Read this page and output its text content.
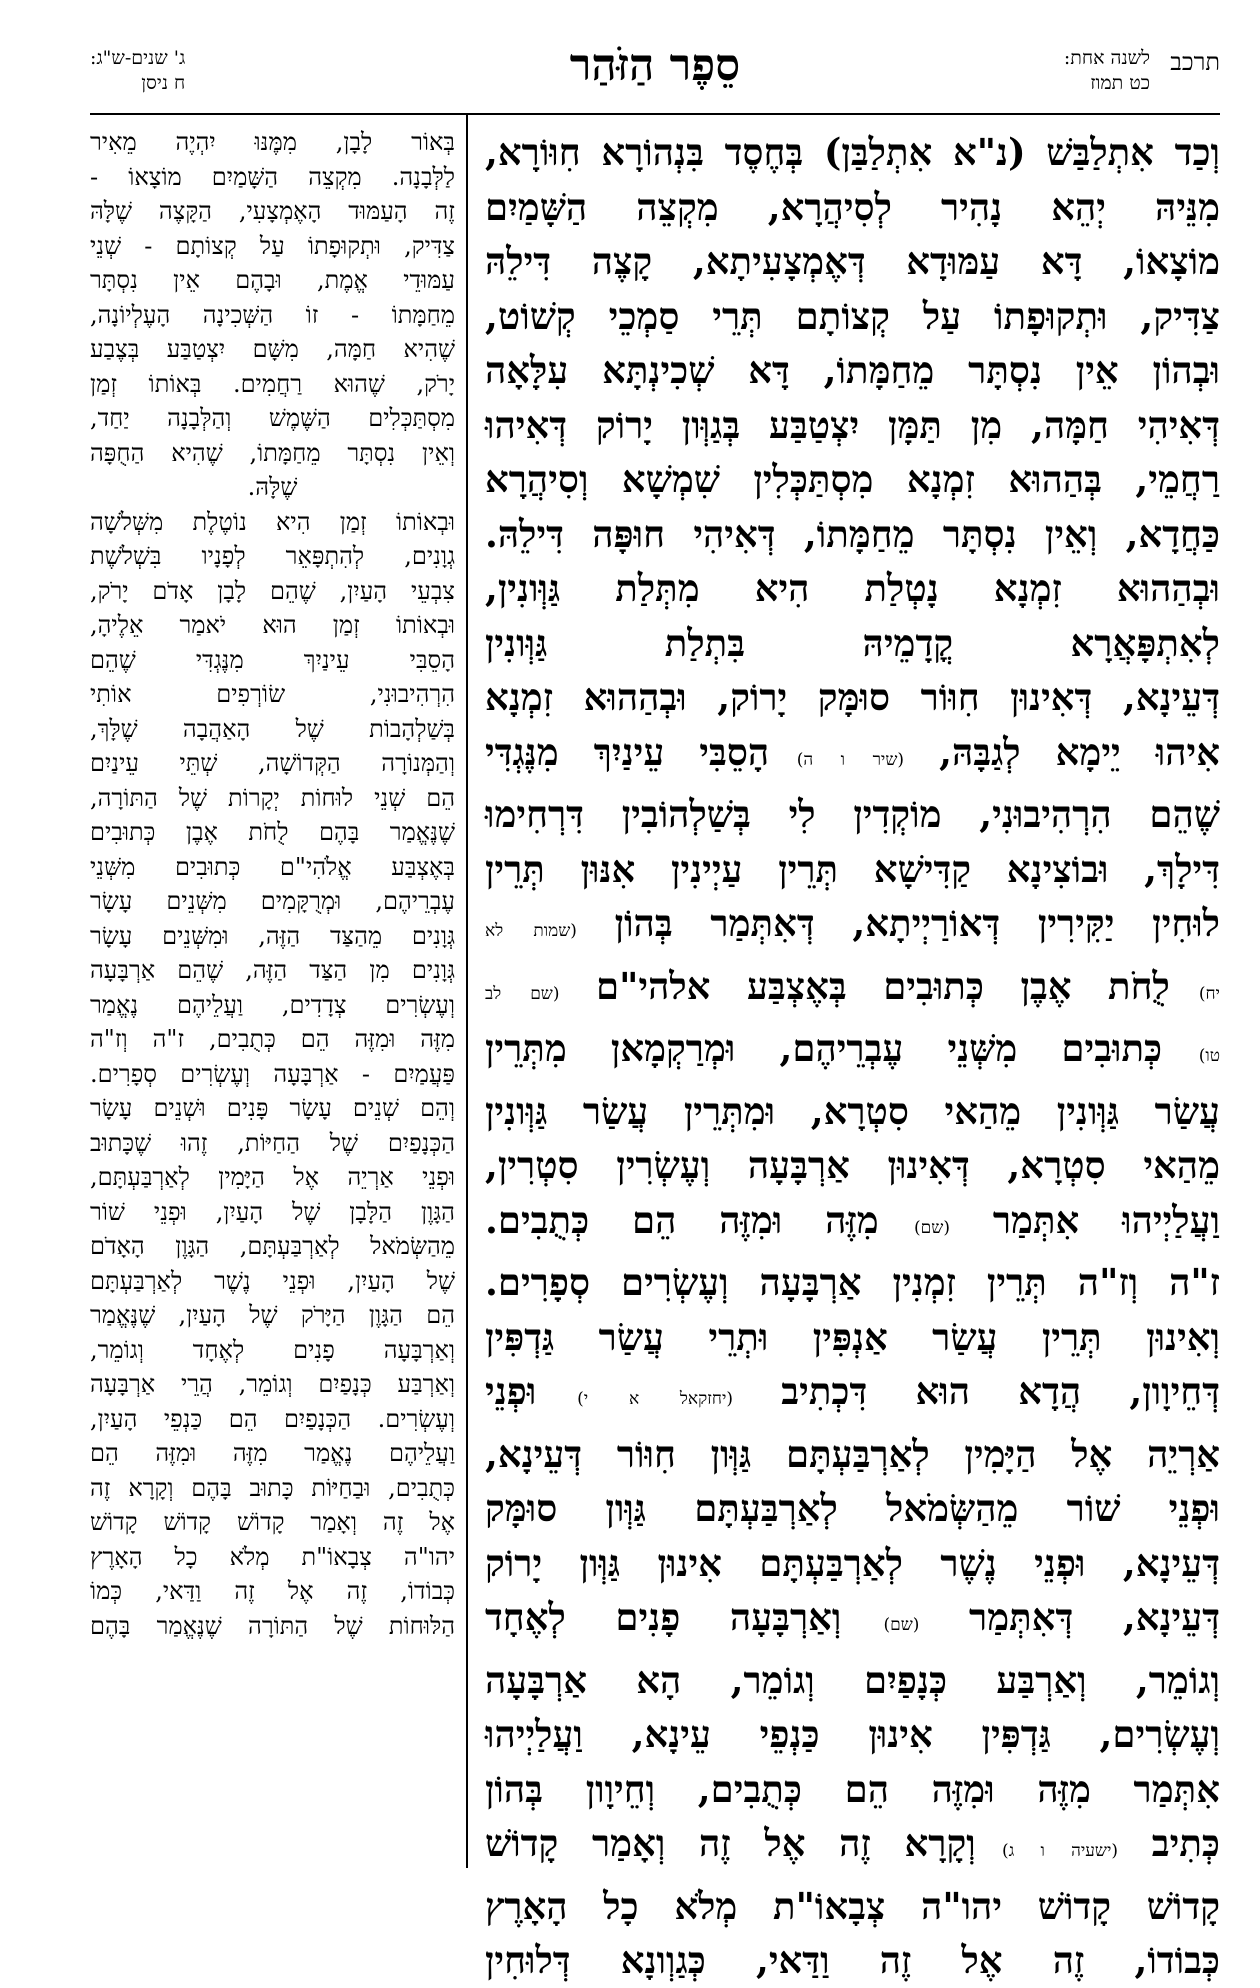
תרכב
לשנה אחת:
כט תמוז
סֵפֶר הַזֹּהַר
ג' שנים-ש"ג:
ח ניסן
וְכַד אִתְלַבַּשׁ (נ"א אִתְלַבַּן) בְּחֶסֶד בִּנְהוֹרָא חִוּוֹרָא,
מִנֵּיהּ יְהֵא נָהִיר לְסִיהֲרָא, מִקְצֵה הַשָּׁמַיִם
מוֹצָאוֹ, דָּא עַמּוּדָא דְּאֶמְצָעִיתָא, קָצֶה דִּילֵהּ
צַדִּיק, וּתְקוּפָתוֹ עַל קְצוֹתָם תְּרֵי סַמְכֵי קְשׁוֹט,
וּבְהוֹן אֵין נִסְתָּר מֵחַמָּתוֹ, דָּא שְׁכִינְתָּא עִלָּאָה
דְּאִיהִי חַמָּה, מִן תַּמָּן יִצְטַבַּע בְּגַוְּון יָרוֹק דְּאִיהוּ
רַחֲמֵי, בְּהַהוּא זִמְנָא מִסְתַּכְּלִין שִׁמְשָׁא וְסִיהֲרָא
כַּחֲדָא, וְאֵין נִסְתָּר מֵחַמָּתוֹ, דְּאִיהִי חוּפָּה דִּילֵהּ.
וּבְהַהוּא זִמְנָא נָטְלַת הִיא מִתְּלַת גַּוְּונִין,
לְאִתְפָּאֲרָא קֳדָמֵיהּ בִּתְלַת גַּוְּונִין
דְּעֵינָא, דְּאִינוּן חִוּוֹר סוּמָּק יָרוֹק, וּבְהַהוּא זִמְנָא
אִיהוּ יֵימָא לְגַבָּהּ, (שיר ו ה) הָסֵבִּי עֵינַיִךְ מִנֶּגְדִּי
שֶׁהֵם הִרְהִיבוּנִי, מוֹקְדִין לִי בְּשַׁלְהוֹבִין דִּרְחִימוּ
דִּילָךְ, וּבוֹצִינָא קַדִּישָׁא תְּרֵין עַיְינִין אִנּוּן תְּרֵין
לוּחִין יַקִּירִין דְּאוֹרַיְיתָא, דְּאִתְּמַר בְּהוֹן (שמות לא
יח) לֻחֹת אֶבֶן כְּתוּבִים בְּאֶצְבַּע אלהי"ם (שם לב
טו) כְּתוּבִים מִשְּׁנֵי עֶבְרֵיהֶם, וּמְרַקְמָאן מִתְּרֵין
עֲשַׂר גַּוְּונִין מֵהַאי סִטְרָא, וּמִתְּרֵין עֲשַׂר גַּוְּונִין
מֵהַאי סִטְרָא, דְּאִינוּן אַרְבָּעָה וְעֶשְׂרִין סִטְרִין,
וַעֲלַיְיהוּ אִתְּמַר (שם) מִזֶּה וּמִזֶּה הֵם כְּתֻבִים.
ז"ה וְז"ה תְּרֵין זִמְנִין אַרְבָּעָה וְעֶשְׂרִים סְפָרִים.
וְאִינוּן תְּרֵין עֲשַׂר אַנְפִּין וּתְרֵי עֲשַׂר גַּדְפִּין
דְּחֵיוָון, הֲדָא הוּא דִּכְתִיב (יחזקאל א י) וּפְנֵי
אַרְיֵה אֶל הַיָּמִין לְאַרְבַּעְתָּם גַּוְּון חִוּוֹר דְּעֵינָא,
וּפְנֵי שׁוֹר מֵהַשְּׂמֹאל לְאַרְבַּעְתָּם גַּוְּון סוּמָּק
דְּעֵינָא, וּפְנֵי נֶשֶׁר לְאַרְבַּעְתָּם אִינוּן גַּוְּון יָרוֹק
דְּעֵינָא, דְּאִתְּמַר (שם) וְאַרְבָּעָה פָנִים לְאֶחָד
וְגוֹמֵר, וְאַרְבַּע כְּנָפַיִם וְגוֹמֵר, הָא אַרְבָּעָה
וְעֶשְׂרִים, גַּדְפִּין אִינוּן כַּנְפֵי עֵינָא, וַעֲלַיְיהוּ
אִתְּמַר מִזֶּה וּמִזֶּה הֵם כְּתֻבִים, וְחֵיוָון בְּהוֹן
כְּתִיב (ישעיה ו ג) וְקָרָא זֶה אֶל זֶה וְאָמַר קָדוֹשׁ
קָדוֹשׁ קָדוֹשׁ יהו"ה צְבָאוֹ"ת מְלֹא כָל הָאָרֶץ
כְּבוֹדוֹ, זֶה אֶל זֶה וַדַּאי, כְּגַוְונָא דְּלוּחִין
בְּאוֹר לָבָן, מִמֶּנּוּ יִהְיֶה מֵאִיר
לַלְּבָנָה. מִקְצֵה הַשָּׁמַיִם מוֹצָאוֹ -
זֶה הָעַמּוּד הָאֶמְצָעִי, הַקָּצֶה שֶׁלָּהּ
צַדִּיק, וּתְקוּפָתוֹ עַל קְצוֹתָם - שְׁנֵי
עַמּוּדֵי אֱמֶת, וּבָהֶם אֵין נִסְתָּר
מֵחַמָּתוֹ - זוֹ הַשְּׁכִינָה הָעֶלְיוֹנָה,
שֶׁהִיא חַמָּה, מִשָּׁם יִצְטַבַּע בְּצֶבַע
יָרֹק, שֶׁהוּא רַחֲמִים. בְּאוֹתוֹ זְמַן
מִסְתַּכְּלִים הַשֶּׁמֶשׁ וְהַלְּבָנָה יַחַד,
וְאֵין נִסְתָּר מֵחַמָּתוֹ, שֶׁהִיא הַחֻפָּה
שֶׁלָּהּ.
וּבְאוֹתוֹ זְמַן הִיא נוֹטֶלֶת מִשְּׁלֹשָׁה
גְוָנִים, לְהִתְפָּאֵר לְפָנָיו בִּשְׁלֹשֶׁת
צִבְעֵי הָעַיִן, שֶׁהֵם לָבָן אָדֹם יָרֹק,
וּבְאוֹתוֹ זְמַן הוּא יֹאמַר אֵלֶיהָ,
הָסֵבִּי עֵינַיִךְ מִנֶּגְדִּי שֶׁהֵם
הִרְהִיבוּנִי, שׂוֹרְפִים אוֹתִי
בְּשַׁלְהָבוֹת שֶׁל הָאַהֲבָה שֶׁלָּךְ,
וְהַמְּנוֹרָה הַקְּדוֹשָׁה, שְׁתֵּי עֵינַיִם
הֵם שְׁנֵי לוּחוֹת יְקָרוֹת שֶׁל הַתּוֹרָה,
שֶׁנֶּאֱמַר בָּהֶם לֻחֹת אֶבֶן כְּתוּבִים
בְּאֶצְבַּע אֱלֹהִי"ם כְּתוּבִים מִשְּׁנֵי
עֶבְרֵיהֶם, וּמְרֻקָּמִים מִשְּׁנֵים עָשָׂר
גְּוָנִים מֵהַצַּד הַזֶּה, וּמִשְּׁנֵים עָשָׂר
גְּוָנִים מִן הַצַּד הַזֶּה, שֶׁהֵם אַרְבָּעָה
וְעֶשְׂרִים צְדָדִים, וַעֲלֵיהֶם נֶאֱמַר
מִזֶּה וּמִזֶּה הֵם כְּתֻבִים, ז"ה וְז"ה
פַּעֲמַיִם - אַרְבָּעָה וְעֶשְׂרִים סְפָרִים.
וְהֵם שְׁנֵים עָשָׂר פָּנִים וּשְׁנֵים עָשָׂר
הַכְּנָפַיִם שֶׁל הַחַיּוֹת, זֶהוּ שֶׁכָּתוּב
וּפְנֵי אַרְיֵה אֶל הַיָּמִין לְאַרְבַּעְתָּם,
הַגָּוֶן הַלָּבָן שֶׁל הָעַיִן, וּפְנֵי שׁוֹר
מֵהַשְּׂמֹאל לְאַרְבַּעְתָּם, הַגָּוֶן הָאָדֹם
שֶׁל הָעַיִן, וּפְנֵי נֶשֶׁר לְאַרְבַּעְתָּם
הֵם הַגָּוֶן הַיָּרֹק שֶׁל הָעַיִן, שֶׁנֶּאֱמַר
וְאַרְבָּעָה פָנִים לְאֶחָד וְגוֹמֵר,
וְאַרְבַּע כְּנָפַיִם וְגוֹמֵר, הֲרֵי אַרְבָּעָה
וְעֶשְׂרִים. הַכְּנָפַיִם הֵם כַּנְפֵי הָעַיִן,
וַעֲלֵיהֶם נֶאֱמַר מִזֶּה וּמִזֶּה הֵם
כְּתֻבִים, וּבַחַיּוֹת כָּתוּב בָּהֶם וְקָרָא זֶה
אֶל זֶה וְאָמַר קָדוֹשׁ קָדוֹשׁ קָדוֹשׁ
יהו"ה צְבָאוֹ"ת מְלֹא כָל הָאָרֶץ
כְּבוֹדוֹ, זֶה אֶל זֶה וַדַּאי, כְּמוֹ
הַלּוּחוֹת שֶׁל הַתּוֹרָה שֶׁנֶּאֱמַר בָּהֶם
